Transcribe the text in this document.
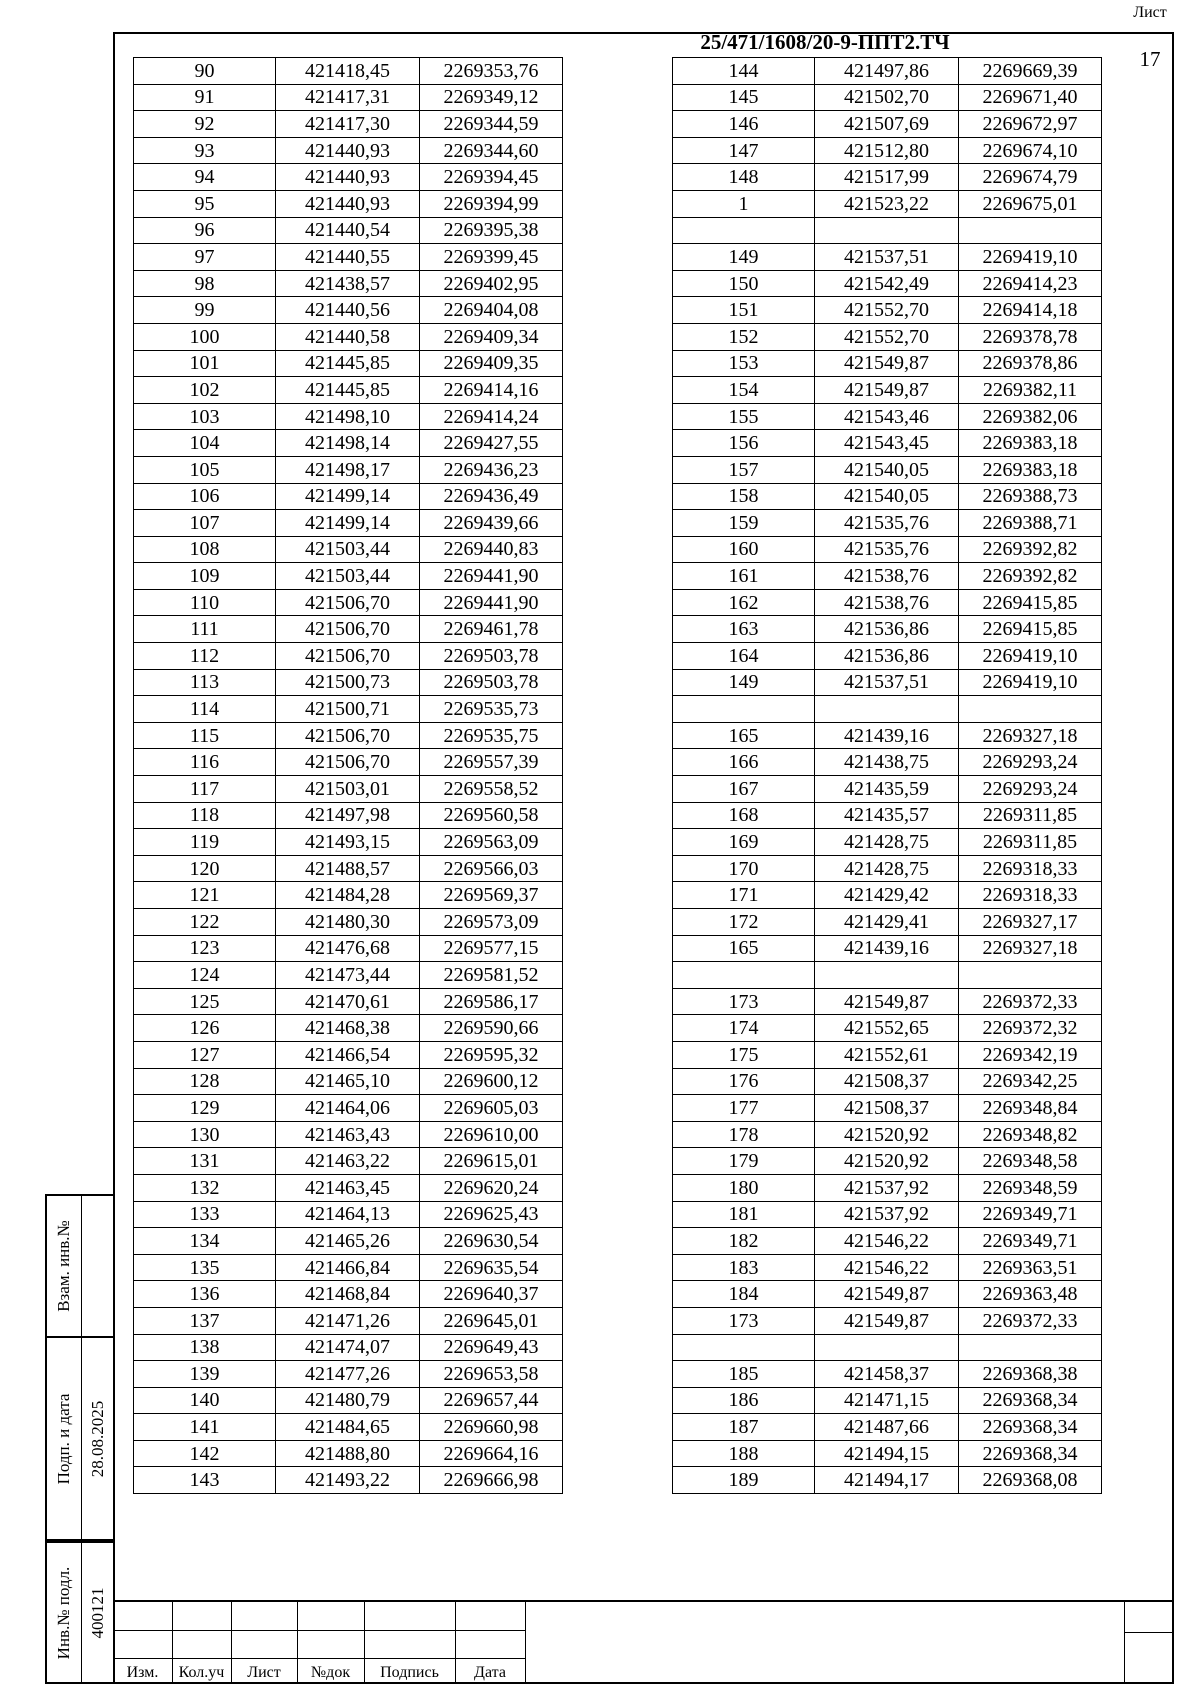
90	421418,45	2269353,76
91	421417,31	2269349,12
92	421417,30	2269344,59
93	421440,93	2269344,60
94	421440,93	2269394,45
95	421440,93	2269394,99
96	421440,54	2269395,38
97	421440,55	2269399,45
98	421438,57	2269402,95
99	421440,56	2269404,08
100	421440,58	2269409,34
101	421445,85	2269409,35
102	421445,85	2269414,16
103	421498,10	2269414,24
104	421498,14	2269427,55
105	421498,17	2269436,23
106	421499,14	2269436,49
107	421499,14	2269439,66
108	421503,44	2269440,83
109	421503,44	2269441,90
110	421506,70	2269441,90
111	421506,70	2269461,78
112	421506,70	2269503,78
113	421500,73	2269503,78
114	421500,71	2269535,73
115	421506,70	2269535,75
116	421506,70	2269557,39
117	421503,01	2269558,52
118	421497,98	2269560,58
119	421493,15	2269563,09
120	421488,57	2269566,03
121	421484,28	2269569,37
122	421480,30	2269573,09
123	421476,68	2269577,15
124	421473,44	2269581,52
125	421470,61	2269586,17
126	421468,38	2269590,66
127	421466,54	2269595,32
128	421465,10	2269600,12
129	421464,06	2269605,03
130	421463,43	2269610,00
131	421463,22	2269615,01
132	421463,45	2269620,24
133	421464,13	2269625,43
134	421465,26	2269630,54
135	421466,84	2269635,54
136	421468,84	2269640,37
137	421471,26	2269645,01
138	421474,07	2269649,43
139	421477,26	2269653,58
140	421480,79	2269657,44
141	421484,65	2269660,98
142	421488,80	2269664,16
143	421493,22	2269666,98
144	421497,86	2269669,39
145	421502,70	2269671,40
146	421507,69	2269672,97
147	421512,80	2269674,10
148	421517,99	2269674,79
1	421523,22	2269675,01

149	421537,51	2269419,10
150	421542,49	2269414,23
151	421552,70	2269414,18
152	421552,70	2269378,78
153	421549,87	2269378,86
154	421549,87	2269382,11
155	421543,46	2269382,06
156	421543,45	2269383,18
157	421540,05	2269383,18
158	421540,05	2269388,73
159	421535,76	2269388,71
160	421535,76	2269392,82
161	421538,76	2269392,82
162	421538,76	2269415,85
163	421536,86	2269415,85
164	421536,86	2269419,10
149	421537,51	2269419,10

165	421439,16	2269327,18
166	421438,75	2269293,24
167	421435,59	2269293,24
168	421435,57	2269311,85
169	421428,75	2269311,85
170	421428,75	2269318,33
171	421429,42	2269318,33
172	421429,41	2269327,17
165	421439,16	2269327,18

173	421549,87	2269372,33
174	421552,65	2269372,32
175	421552,61	2269342,19
176	421508,37	2269342,25
177	421508,37	2269348,84
178	421520,92	2269348,82
179	421520,92	2269348,58
180	421537,92	2269348,59
181	421537,92	2269349,71
182	421546,22	2269349,71
183	421546,22	2269363,51
184	421549,87	2269363,48
173	421549,87	2269372,33

185	421458,37	2269368,38
186	421471,15	2269368,34
187	421487,66	2269368,34
188	421494,15	2269368,34
189	421494,17	2269368,08
Взам. инв.№
Подп. и дата 28.08.2025
Инв.№ подл. 400121
Изм.	Кол.уч	Лист	№док	Подпись	Дата
25/471/1608/20-9-ППТ2.ТЧ
Лист
17
